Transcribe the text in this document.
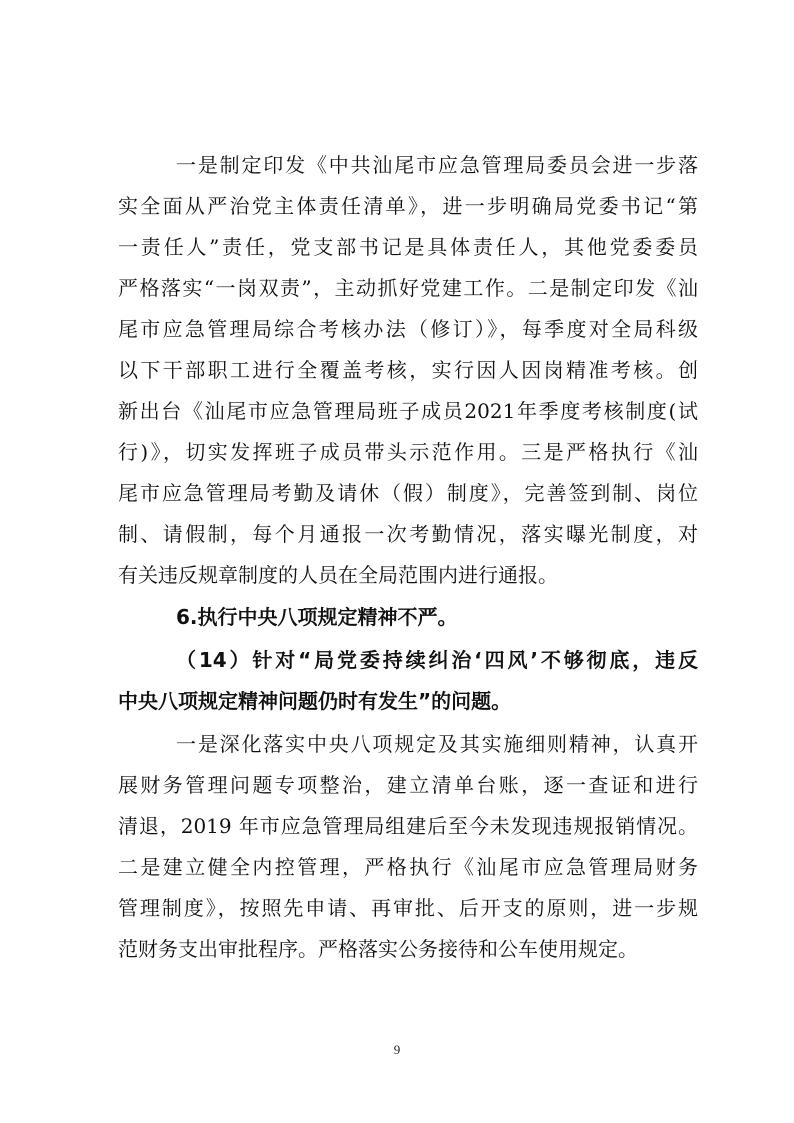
一是制定印发《中共汕尾市应急管理局委员会进一步落
实全面从严治党主体责任清单》，进一步明确局党委书记“第
一责任人”责任，党支部书记是具体责任人，其他党委委员
严格落实“一岗双责”，主动抓好党建工作。二是制定印发《汕
尾市应急管理局综合考核办法（修订）》，每季度对全局科级
以下干部职工进行全覆盖考核，实行因人因岗精准考核。创
新出台《汕尾市应急管理局班子成员2021年季度考核制度(试
行)》，切实发挥班子成员带头示范作用。三是严格执行《汕
尾市应急管理局考勤及请休（假）制度》，完善签到制、岗位
制、请假制，每个月通报一次考勤情况，落实曝光制度，对
有关违反规章制度的人员在全局范围内进行通报。
6.执行中央八项规定精神不严。
（14）针对“局党委持续纠治‘四风’不够彻底，违反
中央八项规定精神问题仍时有发生”的问题。
一是深化落实中央八项规定及其实施细则精神，认真开
展财务管理问题专项整治，建立清单台账，逐一查证和进行
清退，2019 年市应急管理局组建后至今未发现违规报销情况。
二是建立健全内控管理，严格执行《汕尾市应急管理局财务
管理制度》，按照先申请、再审批、后开支的原则，进一步规
范财务支出审批程序。严格落实公务接待和公车使用规定。
9
